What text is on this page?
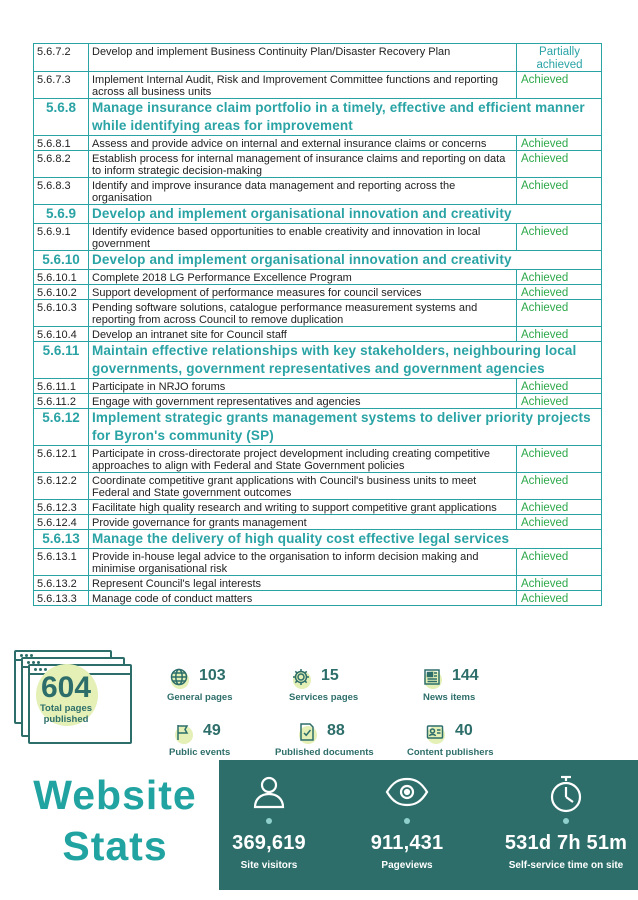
5.6.7.2	Develop and implement Business Continuity Plan/Disaster Recovery Plan	Partially achieved
5.6.7.3	Implement Internal Audit, Risk and Improvement Committee functions and reporting across all business units	Achieved
5.6.8	Manage insurance claim portfolio in a timely, effective and efficient manner while identifying areas for improvement	
5.6.8.1	Assess and provide advice on internal and external insurance claims or concerns	Achieved
5.6.8.2	Establish process for internal management of insurance claims and reporting on data to inform strategic decision-making	Achieved
5.6.8.3	Identify and improve insurance data management and reporting across the organisation	Achieved
5.6.9	Develop and implement organisational innovation and creativity	
5.6.9.1	Identify evidence based opportunities to enable creativity and innovation in local government	Achieved
5.6.10	Develop and implement organisational innovation and creativity	
5.6.10.1	Complete 2018 LG Performance Excellence Program	Achieved
5.6.10.2	Support development of performance measures for council services	Achieved
5.6.10.3	Pending software solutions, catalogue performance measurement systems and reporting from across Council to remove duplication	Achieved
5.6.10.4	Develop an intranet site for Council staff	Achieved
5.6.11	Maintain effective relationships with key stakeholders, neighbouring local governments, government representatives and government agencies	
5.6.11.1	Participate in NRJO forums	Achieved
5.6.11.2	Engage with government representatives and agencies	Achieved
5.6.12	Implement strategic grants management systems to deliver priority projects for Byron's community (SP)	
5.6.12.1	Participate in cross-directorate project development including creating competitive approaches to align with Federal and State Government policies	Achieved
5.6.12.2	Coordinate competitive grant applications with Council's business units to meet Federal and State government outcomes	Achieved
5.6.12.3	Facilitate high quality research and writing to support competitive grant applications	Achieved
5.6.12.4	Provide governance for grants management	Achieved
5.6.13	Manage the delivery of high quality cost effective legal services	
5.6.13.1	Provide in-house legal advice to the organisation to inform decision making and minimise organisational risk	Achieved
5.6.13.2	Represent Council's legal interests	Achieved
5.6.13.3	Manage code of conduct matters	Achieved
604
Total pages published
103
General pages
15
Services pages
144
News items
49
Public events
88
Published documents
40
Content publishers
Website
Stats	369,619
Site visitors
911,431
Pageviews
531d 7h 51m
Self-service time on site
